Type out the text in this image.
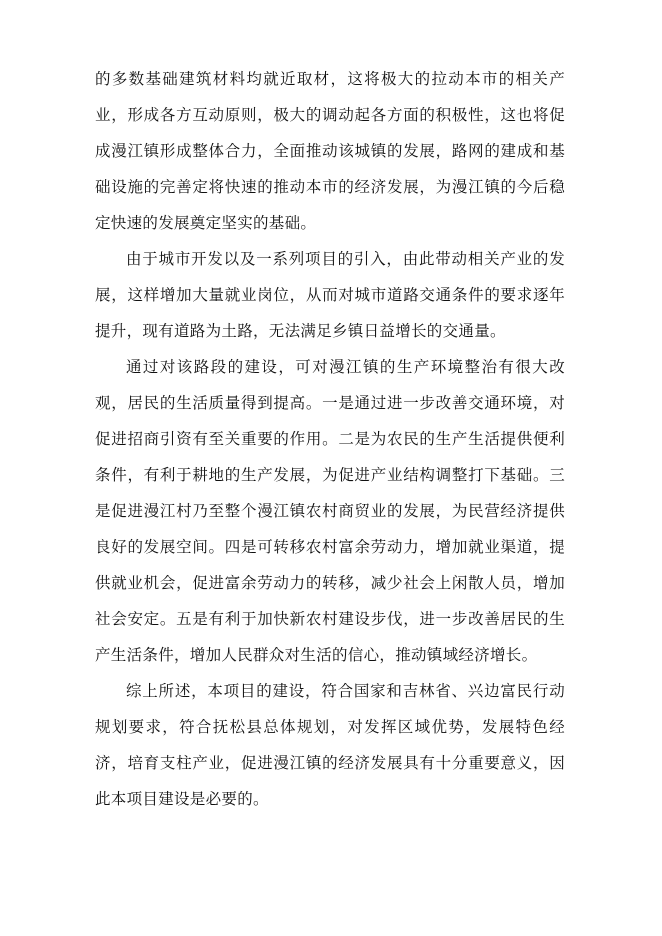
的多数基础建筑材料均就近取材，这将极大的拉动本市的相关产业，形成各方互动原则，极大的调动起各方面的积极性，这也将促成漫江镇形成整体合力，全面推动该城镇的发展，路网的建成和基础设施的完善定将快速的推动本市的经济发展，为漫江镇的今后稳定快速的发展奠定坚实的基础。

由于城市开发以及一系列项目的引入，由此带动相关产业的发展，这样增加大量就业岗位，从而对城市道路交通条件的要求逐年提升，现有道路为土路，无法满足乡镇日益增长的交通量。

通过对该路段的建设，可对漫江镇的生产环境整治有很大改观，居民的生活质量得到提高。一是通过进一步改善交通环境，对促进招商引资有至关重要的作用。二是为农民的生产生活提供便利条件，有利于耕地的生产发展，为促进产业结构调整打下基础。三是促进漫江村乃至整个漫江镇农村商贸业的发展，为民营经济提供良好的发展空间。四是可转移农村富余劳动力，增加就业渠道，提供就业机会，促进富余劳动力的转移，减少社会上闲散人员，增加社会安定。五是有利于加快新农村建设步伐，进一步改善居民的生产生活条件，增加人民群众对生活的信心，推动镇域经济增长。

综上所述，本项目的建设，符合国家和吉林省、兴边富民行动规划要求，符合抚松县总体规划，对发挥区域优势，发展特色经济，培育支柱产业，促进漫江镇的经济发展具有十分重要意义，因此本项目建设是必要的。
